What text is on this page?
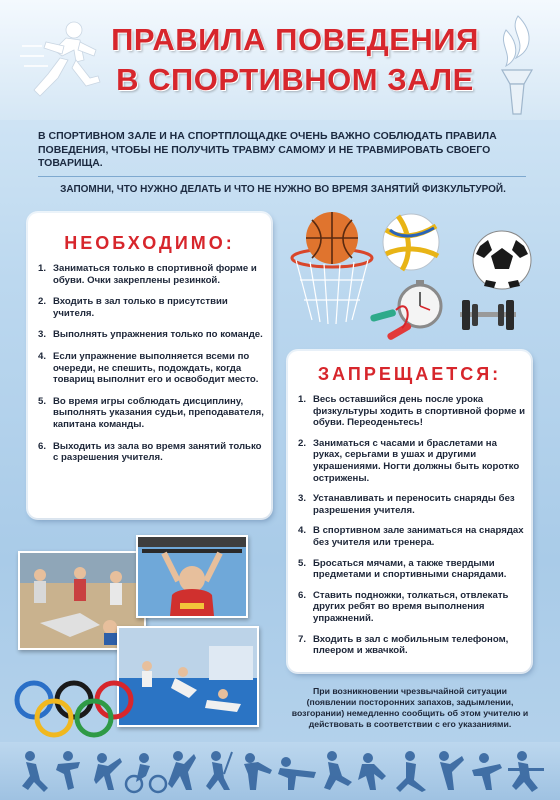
ПРАВИЛА ПОВЕДЕНИЯ
В СПОРТИВНОМ ЗАЛЕ
В СПОРТИВНОМ ЗАЛЕ И НА СПОРТПЛОЩАДКЕ ОЧЕНЬ ВАЖНО СОБЛЮДАТЬ ПРАВИЛА ПОВЕДЕНИЯ, ЧТОБЫ НЕ ПОЛУЧИТЬ ТРАВМУ САМОМУ И НЕ ТРАВМИРОВАТЬ СВОЕГО ТОВАРИЩА.
ЗАПОМНИ, ЧТО НУЖНО ДЕЛАТЬ И ЧТО НЕ НУЖНО ВО ВРЕМЯ ЗАНЯТИЙ ФИЗКУЛЬТУРОЙ.
НЕОБХОДИМО:
1. Заниматься только в спортивной форме и обуви. Очки закреплены резинкой.
2. Входить в зал только в присутствии учителя.
3. Выполнять упражнения только по команде.
4. Если упражнение выполняется всеми по очереди, не спешить, подождать, когда товарищ выполнит его и освободит место.
5. Во время игры соблюдать дисциплину, выполнять указания судьи, преподавателя, капитана команды.
6. Выходить из зала во время занятий только с разрешения учителя.
ЗАПРЕЩАЕТСЯ:
1. Весь оставшийся день после урока физкультуры ходить в спортивной форме и обуви. Переоденьтесь!
2. Заниматься с часами и браслетами на руках, серьгами в ушах и другими украшениями. Ногти должны быть коротко острижены.
3. Устанавливать и переносить снаряды без разрешения учителя.
4. В спортивном зале заниматься на снарядах без учителя или тренера.
5. Бросаться мячами, а также твердыми предметами и спортивными снарядами.
6. Ставить подножки, толкаться, отвлекать других ребят во время выполнения упражнений.
7. Входить в зал с мобильным телефоном, плеером и жвачкой.
При возникновении чрезвычайной ситуации (появлении посторонних запахов, задымлении, возгорании) немедленно сообщить об этом учителю и действовать в соответствии с его указаниями.
